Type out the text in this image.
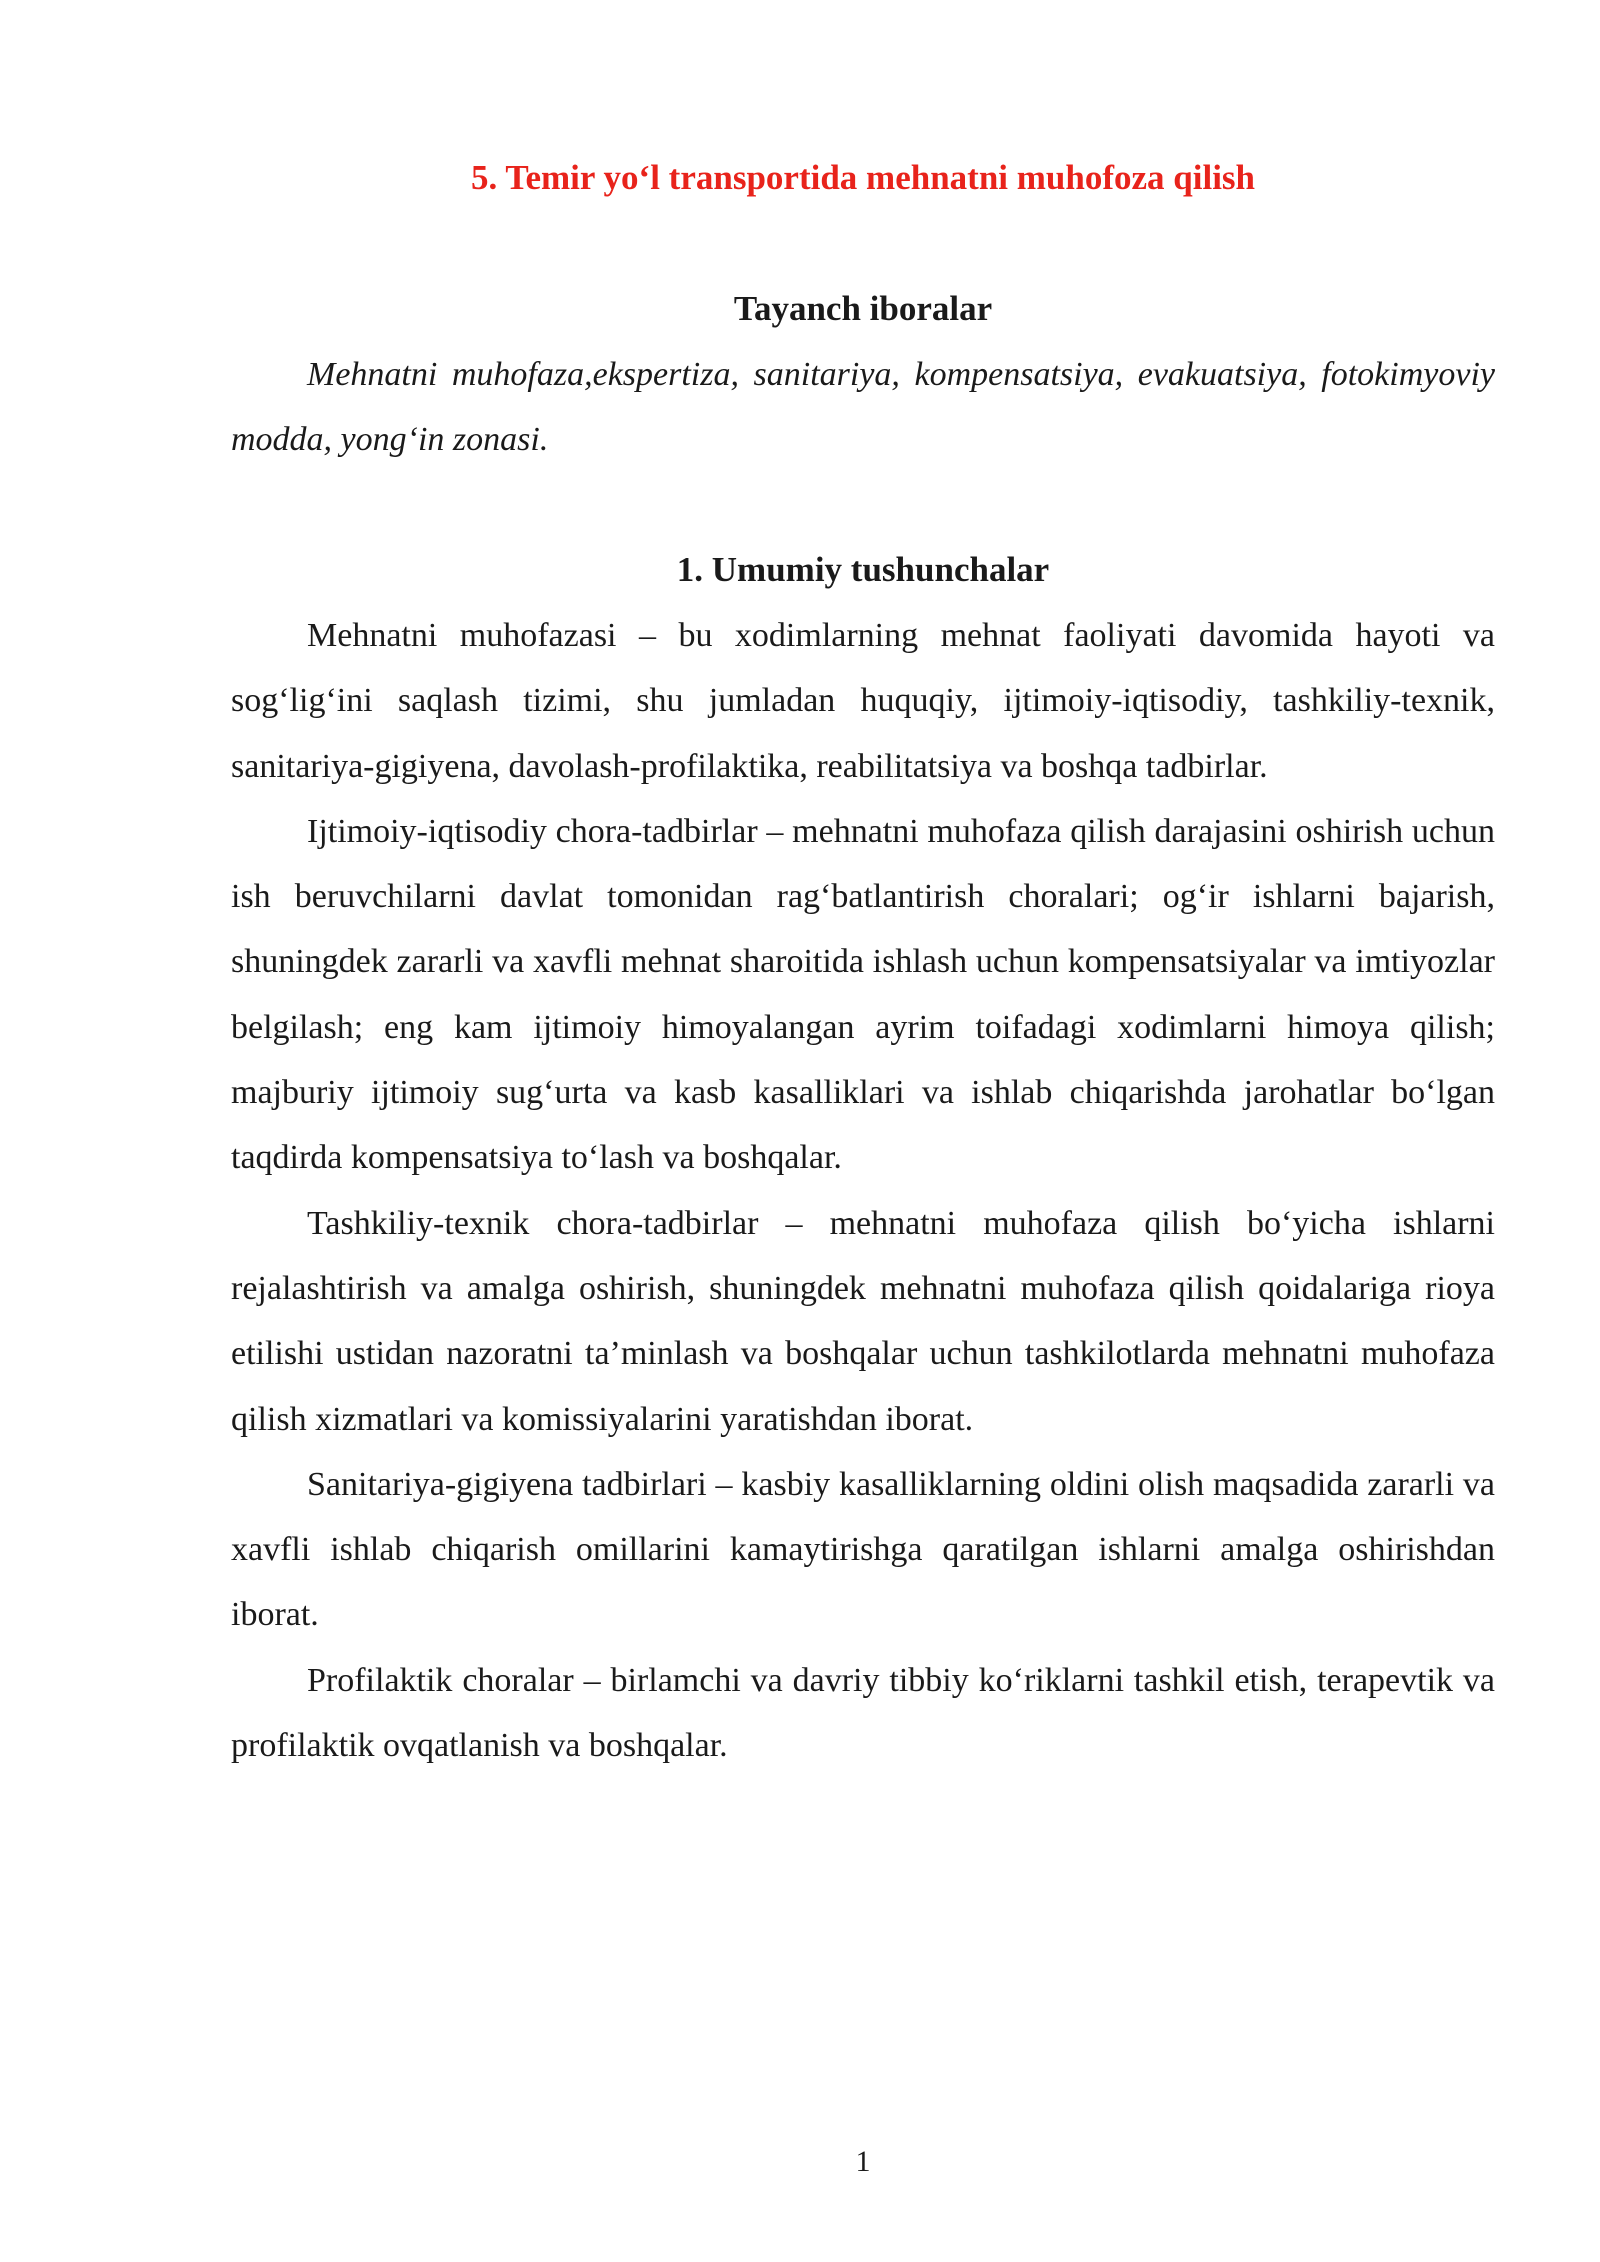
5. Temir yo‘l transportida mehnatni muhofoza qilish
Tayanch iboralar

Mehnatni muhofaza,ekspertiza, sanitariya, kompensatsiya, evakuatsiya, fotokimyoviy modda, yong‘in zonasi.

1. Umumiy tushunchalar

Mehnatni muhofazasi – bu xodimlarning mehnat faoliyati davomida hayoti va sog‘lig‘ini saqlash tizimi, shu jumladan huquqiy, ijtimoiy-iqtisodiy, tashkiliy-texnik, sanitariya-gigiyena, davolash-profilaktika, reabilitatsiya va boshqa tadbirlar.

Ijtimoiy-iqtisodiy chora-tadbirlar – mehnatni muhofaza qilish darajasini oshirish uchun ish beruvchilarni davlat tomonidan rag‘batlantirish choralari; og‘ir ishlarni bajarish, shuningdek zararli va xavfli mehnat sharoitida ishlash uchun kompensatsiyalar va imtiyozlar belgilash; eng kam ijtimoiy himoyalangan ayrim toifadagi xodimlarni himoya qilish; majburiy ijtimoiy sug‘urta va kasb kasalliklari va ishlab chiqarishda jarohatlar bo‘lgan taqdirda kompensatsiya to‘lash va boshqalar.

Tashkiliy-texnik chora-tadbirlar – mehnatni muhofaza qilish bo‘yicha ishlarni rejalashtirish va amalga oshirish, shuningdek mehnatni muhofaza qilish qoidalariga rioya etilishi ustidan nazoratni ta’minlash va boshqalar uchun tashkilotlarda mehnatni muhofaza qilish xizmatlari va komissiyalarini yaratishdan iborat.

Sanitariya-gigiyena tadbirlari – kasbiy kasalliklarning oldini olish maqsadida zararli va xavfli ishlab chiqarish omillarini kamaytirishga qaratilgan ishlarni amalga oshirishdan iborat.

Profilaktik choralar – birlamchi va davriy tibbiy ko‘riklarni tashkil etish, terapevtik va profilaktik ovqatlanish va boshqalar.

1
